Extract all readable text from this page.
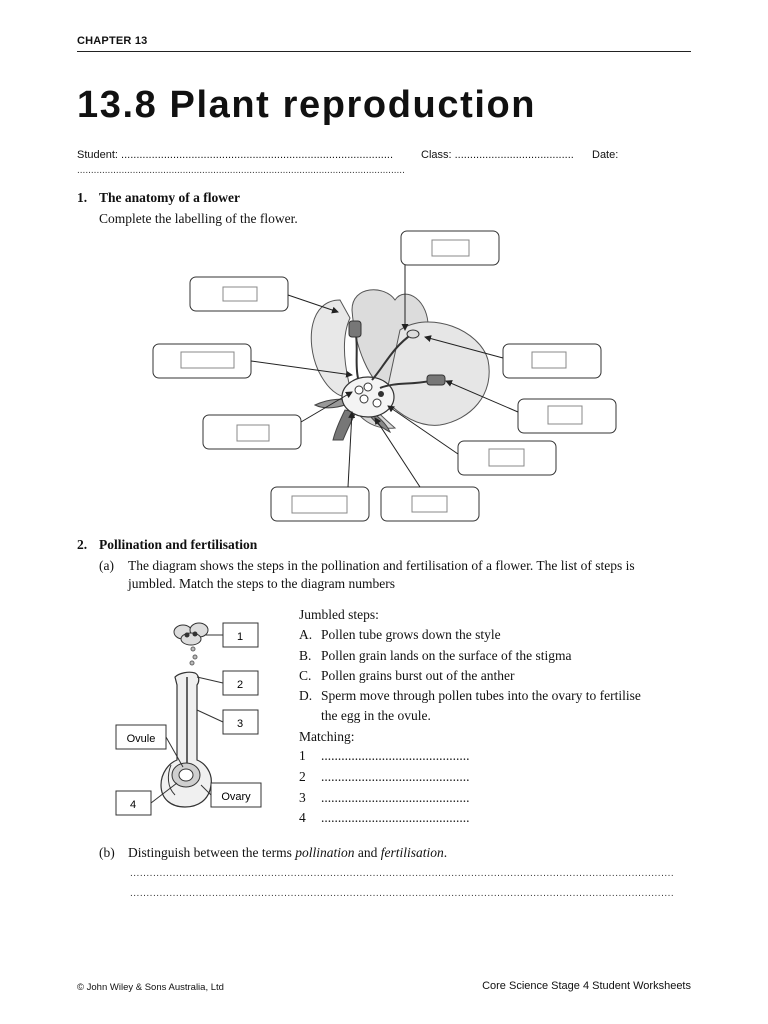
CHAPTER 13
13.8 Plant reproduction
Student: .........................................................................................	Class: ....................................... Date:
......................................................................................................................
1. The anatomy of a flower
Complete the labelling of the flower.
2. Pollination and fertilisation
(a) The diagram shows the steps in the pollination and fertilisation of a flower. The list of steps is
jumbled. Match the steps to the diagram numbers
1
2
3
Ovule
Ovary
4
Jumbled steps:
A. Pollen tube grows down the style
B. Pollen grain lands on the surface of the stigma
C. Pollen grains burst out of the anther
D. Sperm move through pollen tubes into the ovary to fertilise
the egg in the ovule.
Matching:
1 ............................................
2 ............................................
3 ............................................
4 ............................................
(b) Distinguish between the terms pollination and fertilisation.
......................................................................................................................................................................
......................................................................................................................................................................
© John Wiley & Sons Australia, Ltd	Core Science Stage 4 Student Worksheets
